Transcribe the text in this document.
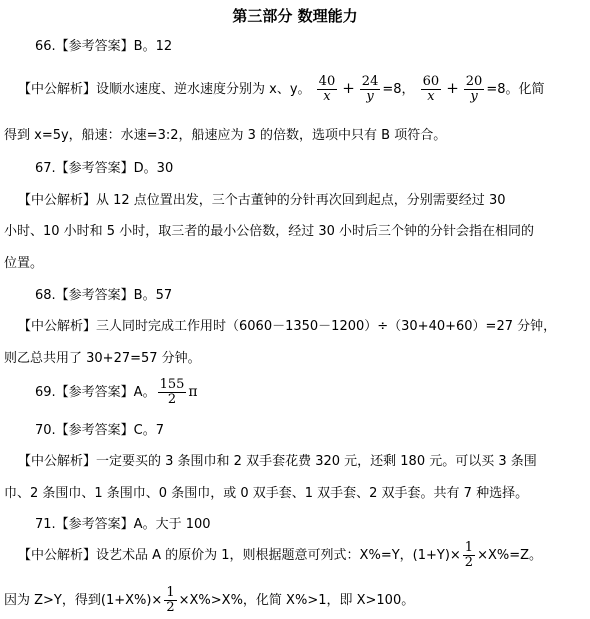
第三部分 数理能力
66.【参考答案】B。12
【中公解析】设顺水速度、逆水速度分别为 x、y。 $\frac{40}{x} + \frac{24}{y} =8$， $\frac{60}{x} + \frac{20}{y} =8$。化简
得到 x=5y，船速：水速=3:2，船速应为 3 的倍数，选项中只有 B 项符合。
67.【参考答案】D。30
【中公解析】从 12 点位置出发，三个古董钟的分针再次回到起点，分别需要经过 30
小时、10 小时和 5 小时，取三者的最小公倍数，经过 30 小时后三个钟的分针会指在相同的
位置。
68.【参考答案】B。57
【中公解析】三人同时完成工作用时（6060－1350－1200）÷（30+40+60）=27 分钟，
则乙总共用了 30+27=57 分钟。
69.【参考答案】A。 $\frac{155}{2}$ π
70.【参考答案】C。7
【中公解析】一定要买的 3 条围巾和 2 双手套花费 320 元，还剩 180 元。可以买 3 条围
巾、2 条围巾、1 条围巾、0 条围巾，或 0 双手套、1 双手套、2 双手套。共有 7 种选择。
71.【参考答案】A。大于 100
【中公解析】设艺术品 A 的原价为 1，则根据题意可列式：X%=Y，$(1+Y)\times \frac{1}{2} \times X\%=Z$。
因为 Z>Y，得到$(1+X\%)\times \frac{1}{2} \times X\%>X\%$，化简 X%>1，即 X>100。
